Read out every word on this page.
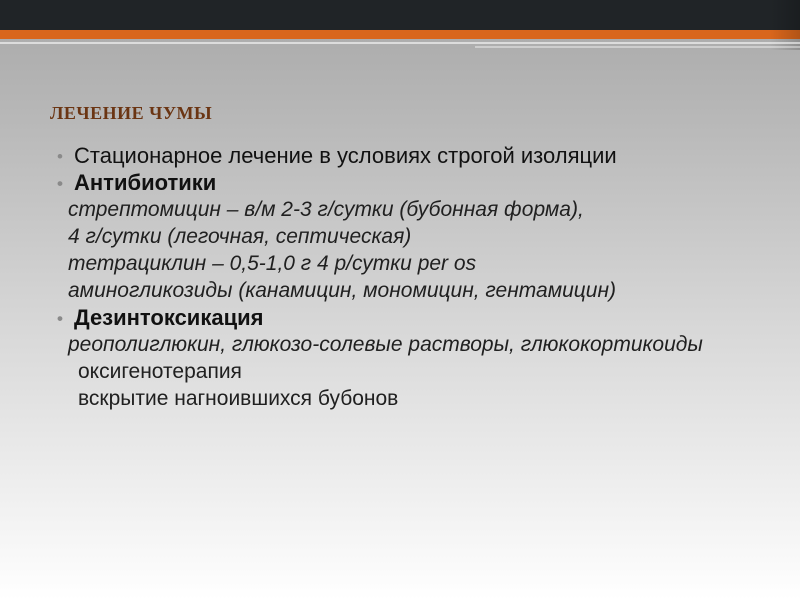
ЛЕЧЕНИЕ ЧУМЫ
• Стационарное лечение в условиях строгой изоляции
• Антибиотики
стрептомицин – в/м 2-3 г/сутки (бубонная форма),
4 г/сутки (легочная, септическая)
тетрациклин – 0,5-1,0 г 4 р/сутки per os
аминогликозиды (канамицин, мономицин, гентамицин)
• Дезинтоксикация
реополиглюкин, глюкозо-солевые растворы, глюкокортикоиды
оксигенотерапия
вскрытие нагноившихся бубонов
